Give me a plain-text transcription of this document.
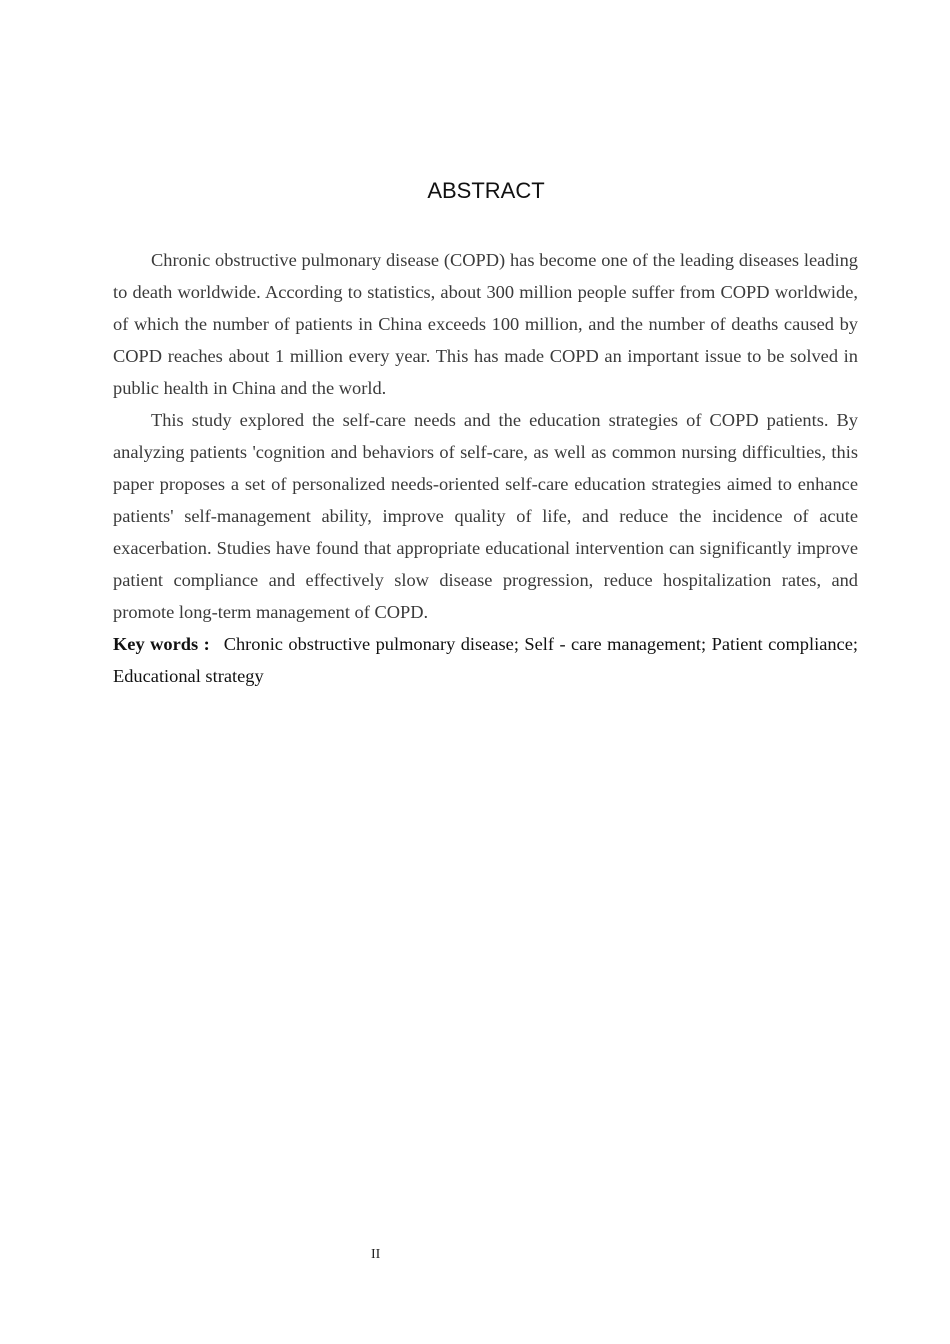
ABSTRACT

Chronic obstructive pulmonary disease (COPD) has become one of the leading diseases leading to death worldwide. According to statistics, about 300 million people suffer from COPD worldwide, of which the number of patients in China exceeds 100 million, and the number of deaths caused by COPD reaches about 1 million every year. This has made COPD an important issue to be solved in public health in China and the world.

This study explored the self-care needs and the education strategies of COPD patients. By analyzing patients 'cognition and behaviors of self-care, as well as common nursing difficulties, this paper proposes a set of personalized needs-oriented self-care education strategies aimed to enhance patients' self-management ability, improve quality of life, and reduce the incidence of acute exacerbation. Studies have found that appropriate educational intervention can significantly improve patient compliance and effectively slow disease progression, reduce hospitalization rates, and promote long-term management of COPD.

Key words : Chronic obstructive pulmonary disease; Self - care management; Patient compliance; Educational strategy

II
